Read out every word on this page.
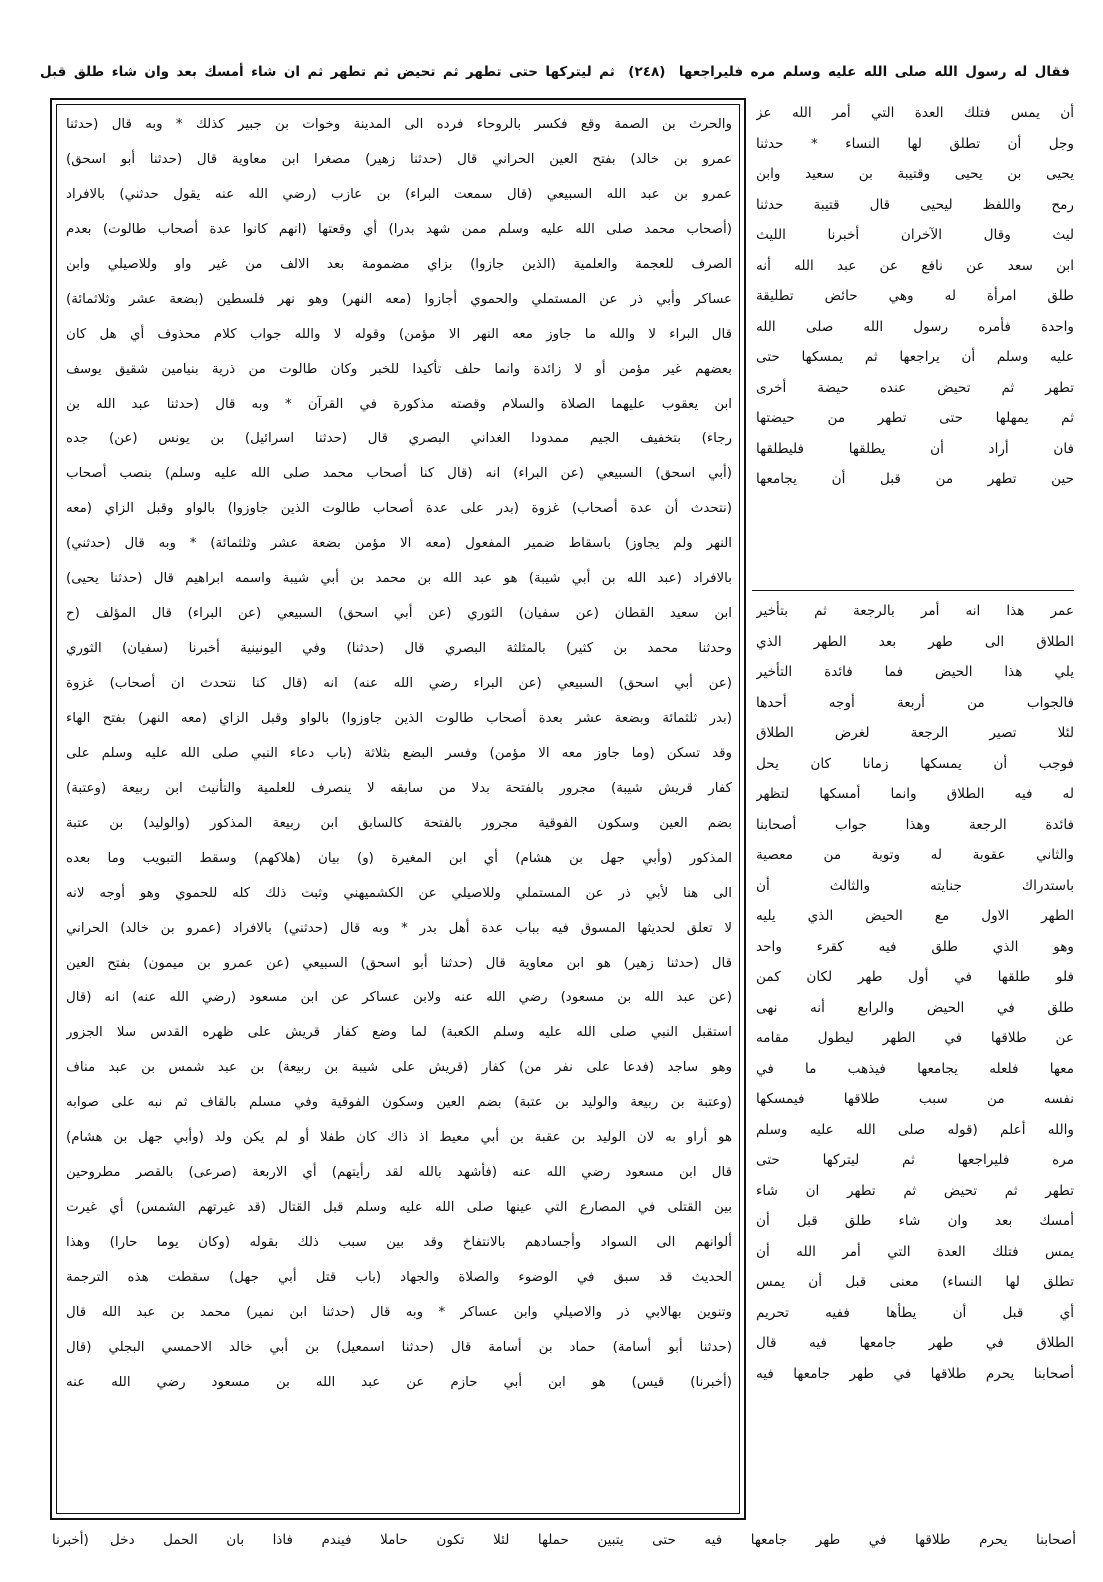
فقال له رسول الله صلى الله عليه وسلم مره فليراجعها (٢٤٨) ثم ليتركها حتى تطهر ثم تحيض ثم تطهر ثم ان شاء أمسك بعد وان شاء طلق قبل
والحرث بن الصمة وقع فكسر بالروحاء فرده الى المدينة وخوات بن جبير كذلك * وبه قال (حدثنا
عمرو بن خالد) بفتح العين الحراني قال (حدثنا زهير) مصغرا ابن معاوية قال (حدثنا أبو اسحق)
عمرو بن عبد الله السبيعي (قال سمعت البراء) بن عازب (رضي الله عنه يقول حدثني) بالافراد
(أصحاب محمد صلى الله عليه وسلم ممن شهد بدرا) أي وقعتها (انهم كانوا عدة أصحاب طالوت) بعدم
الصرف للعجمة والعلمية (الذين جازوا) بزاي مضمومة بعد الالف من غير واو وللاصيلي وابن
عساكر وأبي ذر عن المستملي والحموي أجازوا (معه النهر) وهو نهر فلسطين (بضعة عشر وثلاثمائة)
قال البراء لا والله ما جاوز معه النهر الا مؤمن) وقوله لا والله جواب كلام محذوف أي هل كان
بعضهم غير مؤمن أو لا زائدة وانما حلف تأكيدا للخبر وكان طالوت من ذرية بنيامين شقيق يوسف
ابن يعقوب عليهما الصلاة والسلام وقصته مذكورة في القرآن * وبه قال (حدثنا عبد الله بن
رجاء) بتخفيف الجيم ممدودا الغداني البصري قال (حدثنا اسرائيل) بن يونس (عن) جده
(أبي اسحق) السبيعي (عن البراء) انه (قال كنا أصحاب محمد صلى الله عليه وسلم) بنصب أصحاب
(نتحدث أن عدة أصحاب) غزوة (بدر على عدة أصحاب طالوت الذين جاوزوا) بالواو وقبل الزاي (معه
النهر ولم يجاوز) باسقاط ضمير المفعول (معه الا مؤمن بضعة عشر وثلثمائة) * وبه قال (حدثني)
بالافراد (عبد الله بن أبي شيبة) هو عبد الله بن محمد بن أبي شيبة واسمه ابراهيم قال (حدثنا يحيى)
ابن سعيد القطان (عن سفيان) الثوري (عن أبي اسحق) السبيعي (عن البراء) قال المؤلف (ح
وحدثنا محمد بن كثير) بالمثلثة البصري قال (حدثنا) وفي اليونينية أخبرنا (سفيان) الثوري
(عن أبي اسحق) السبيعي (عن البراء رضي الله عنه) انه (قال كنا نتحدث ان أصحاب) غزوة
(بدر ثلثمائة وبضعة عشر بعدة أصحاب طالوت الذين جاوزوا) بالواو وقبل الزاي (معه النهر) بفتح الهاء
وقد تسكن (وما جاوز معه الا مؤمن) وفسر البضع بثلاثة (باب دعاء النبي صلى الله عليه وسلم على
كفار قريش شيبة) مجرور بالفتحة بدلا من سابقه لا ينصرف للعلمية والتأنيث ابن ربيعة (وعتبة)
بضم العين وسكون الفوقية مجرور بالفتحة كالسابق ابن ربيعة المذكور (والوليد) بن عتبة
المذكور (وأبي جهل بن هشام) أي ابن المغيرة (و) بيان (هلاكهم) وسقط التبويب وما بعده
الى هنا لأبي ذر عن المستملي وللاصيلي عن الكشميهني وثبت ذلك كله للحموي وهو أوجه لانه
لا تعلق لحديثها المسوق فيه بباب عدة أهل بدر * وبه قال (حدثني) بالافراد (عمرو بن خالد) الحراني
قال (حدثنا زهير) هو ابن معاوية قال (حدثنا أبو اسحق) السبيعي (عن عمرو بن ميمون) بفتح العين
(عن عبد الله بن مسعود) رضي الله عنه ولابن عساكر عن ابن مسعود (رضي الله عنه) انه (قال
استقبل النبي صلى الله عليه وسلم الكعبة) لما وضع كفار قريش على ظهره القدس سلا الجزور
وهو ساجد (فدعا على نفر من) كفار (قريش على شيبة بن ربيعة) بن عبد شمس بن عبد مناف
(وعتبة بن ربيعة والوليد بن عتبة) بضم العين وسكون الفوقية وفي مسلم بالقاف ثم نبه على صوابه
هو أراو به لان الوليد بن عقبة بن أبي معيط اذ ذاك كان طفلا أو لم يكن ولد (وأبي جهل بن هشام)
قال ابن مسعود رضي الله عنه (فأشهد بالله لقد رأيتهم) أي الاربعة (صرعى) بالقصر مطروحين
بين القتلى في المصارع التي عينها صلى الله عليه وسلم قبل القتال (قد غيرتهم الشمس) أي غيرت
ألوانهم الى السواد وأجسادهم بالانتفاخ وقد بين سبب ذلك بقوله (وكان يوما حارا) وهذا
الحديث قد سبق في الوضوء والصلاة والجهاد (باب قتل أبي جهل) سقطت هذه الترجمة
وتنوين بهالابي ذر والاصيلي وابن عساكر * وبه قال (حدثنا ابن نمير) محمد بن عبد الله قال
(حدثنا أبو أسامة) حماد بن أسامة قال (حدثنا اسمعيل) بن أبي خالد الاحمسي البجلي (قال
(أخبرنا) قيس) هو ابن أبي حازم عن عبد الله بن مسعود رضي الله عنه
أن يمس فتلك العدة التي أمر الله عز
وجل أن تطلق لها النساء * حدثنا
يحيى بن يحيى وقتيبة بن سعيد وابن
رمح واللفظ ليحيى قال قتيبة حدثنا
ليث وقال الآخران أخبرنا الليث
ابن سعد عن نافع عن عبد الله أنه
طلق امرأة له وهي حائض تطليقة
واحدة فأمره رسول الله صلى الله
عليه وسلم أن يراجعها ثم يمسكها حتى
تطهر ثم تحيض عنده حيضة أخرى
ثم يمهلها حتى تطهر من حيضتها
فان أراد أن يطلقها فليطلقها
حين تطهر من قبل أن يجامعها
عمر هذا انه أمر بالرجعة ثم بتأخير
الطلاق الى طهر بعد الطهر الذي
يلي هذا الحيض فما فائدة التأخير
فالجواب من أربعة أوجه أحدها
لئلا تصير الرجعة لغرض الطلاق
فوجب أن يمسكها زمانا كان يحل
له فيه الطلاق وانما أمسكها لتظهر
فائدة الرجعة وهذا جواب أصحابنا
والثاني عقوبة له وتوبة من معصية
باستدراك جنايته والثالث أن
الطهر الاول مع الحيض الذي يليه
وهو الذي طلق فيه كقرء واحد
فلو طلقها في أول طهر لكان كمن
طلق في الحيض والرابع أنه نهى
عن طلاقها في الطهر ليطول مقامه
معها فلعله يجامعها فيذهب ما في
نفسه من سبب طلاقها فيمسكها
والله أعلم (قوله صلى الله عليه وسلم
مره فليراجعها ثم ليتركها حتى
تطهر ثم تحيض ثم تطهر ان شاء
أمسك بعد وان شاء طلق قبل أن
يمس فتلك العدة التي أمر الله أن
تطلق لها النساء) معنى قبل أن يمس
أي قبل أن يطأها ففيه تحريم
الطلاق في طهر جامعها فيه قال
أصحابنا يحرم طلاقها في طهر جامعها فيه
أصحابنا يحرم طلاقها في طهر جامعها فيه حتى يتبين حملها لئلا تكون حاملا فيندم فاذا بان الحمل دخل
(أخبرنا
